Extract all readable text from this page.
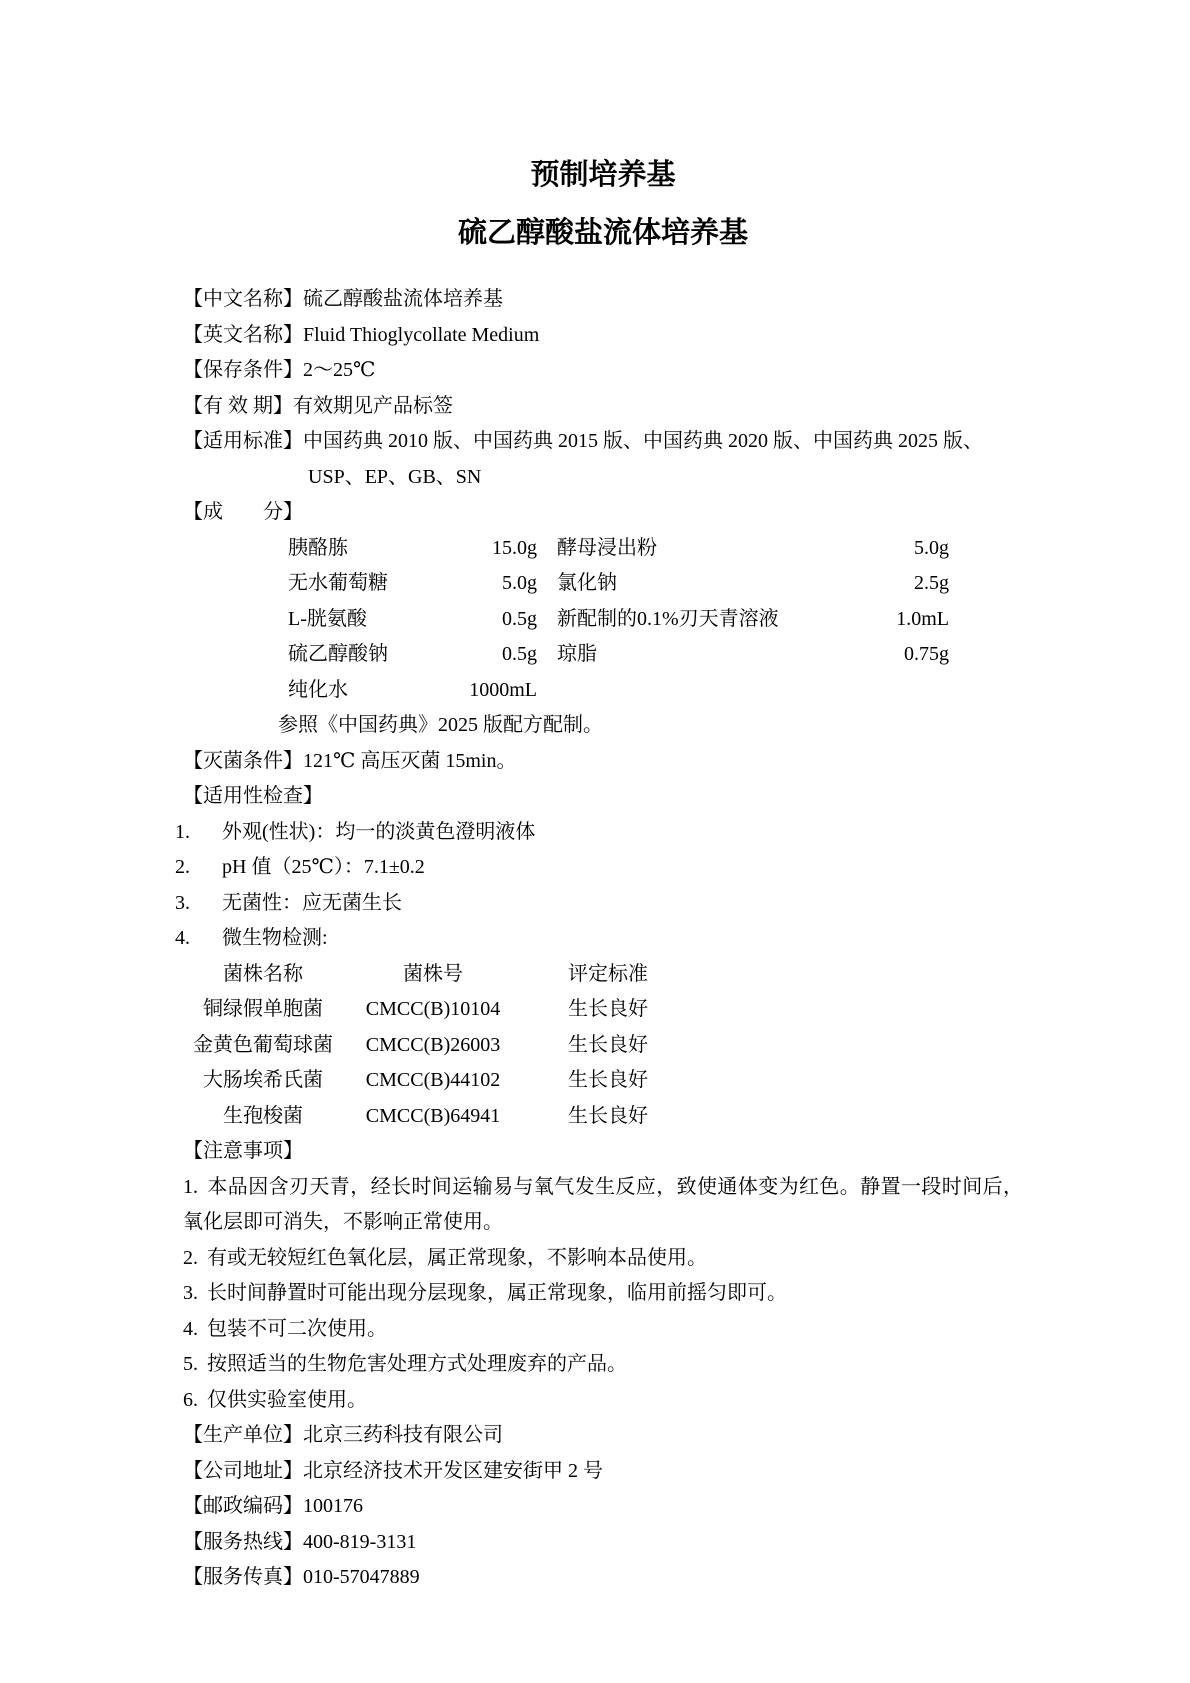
预制培养基
硫乙醇酸盐流体培养基
【中文名称】硫乙醇酸盐流体培养基
【英文名称】Fluid Thioglycollate Medium
【保存条件】2～25℃
【有 效 期】有效期见产品标签
【适用标准】中国药典 2010 版、中国药典 2015 版、中国药典 2020 版、中国药典 2025 版、
USP、EP、GB、SN
【成　　分】
胰酪胨	15.0g 酵母浸出粉	5.0g
无水葡萄糖	5.0g 氯化钠	2.5g
L-胱氨酸	0.5g 新配制的0.1%刃天青溶液	1.0mL
硫乙醇酸钠	0.5g 琼脂	0.75g
纯化水	1000mL
参照《中国药典》2025 版配方配制。
【灭菌条件】121℃ 高压灭菌 15min。
【适用性检查】
1.	外观(性状)：均一的淡黄色澄明液体
2.	pH 值（25℃）：7.1±0.2
3.	无菌性：应无菌生长
4.	微生物检测:
菌株名称	菌株号	评定标准
铜绿假单胞菌	CMCC(B)10104	生长良好
金黄色葡萄球菌	CMCC(B)26003	生长良好
大肠埃希氏菌	CMCC(B)44102	生长良好
生孢梭菌	CMCC(B)64941	生长良好
【注意事项】
1. 本品因含刃天青，经长时间运输易与氧气发生反应，致使通体变为红色。静置一段时间后，氧化层即可消失，不影响正常使用。
2. 有或无较短红色氧化层，属正常现象，不影响本品使用。
3. 长时间静置时可能出现分层现象，属正常现象，临用前摇匀即可。
4. 包装不可二次使用。
5. 按照适当的生物危害处理方式处理废弃的产品。
6. 仅供实验室使用。
【生产单位】北京三药科技有限公司
【公司地址】北京经济技术开发区建安街甲 2 号
【邮政编码】100176
【服务热线】400-819-3131
【服务传真】010-57047889
